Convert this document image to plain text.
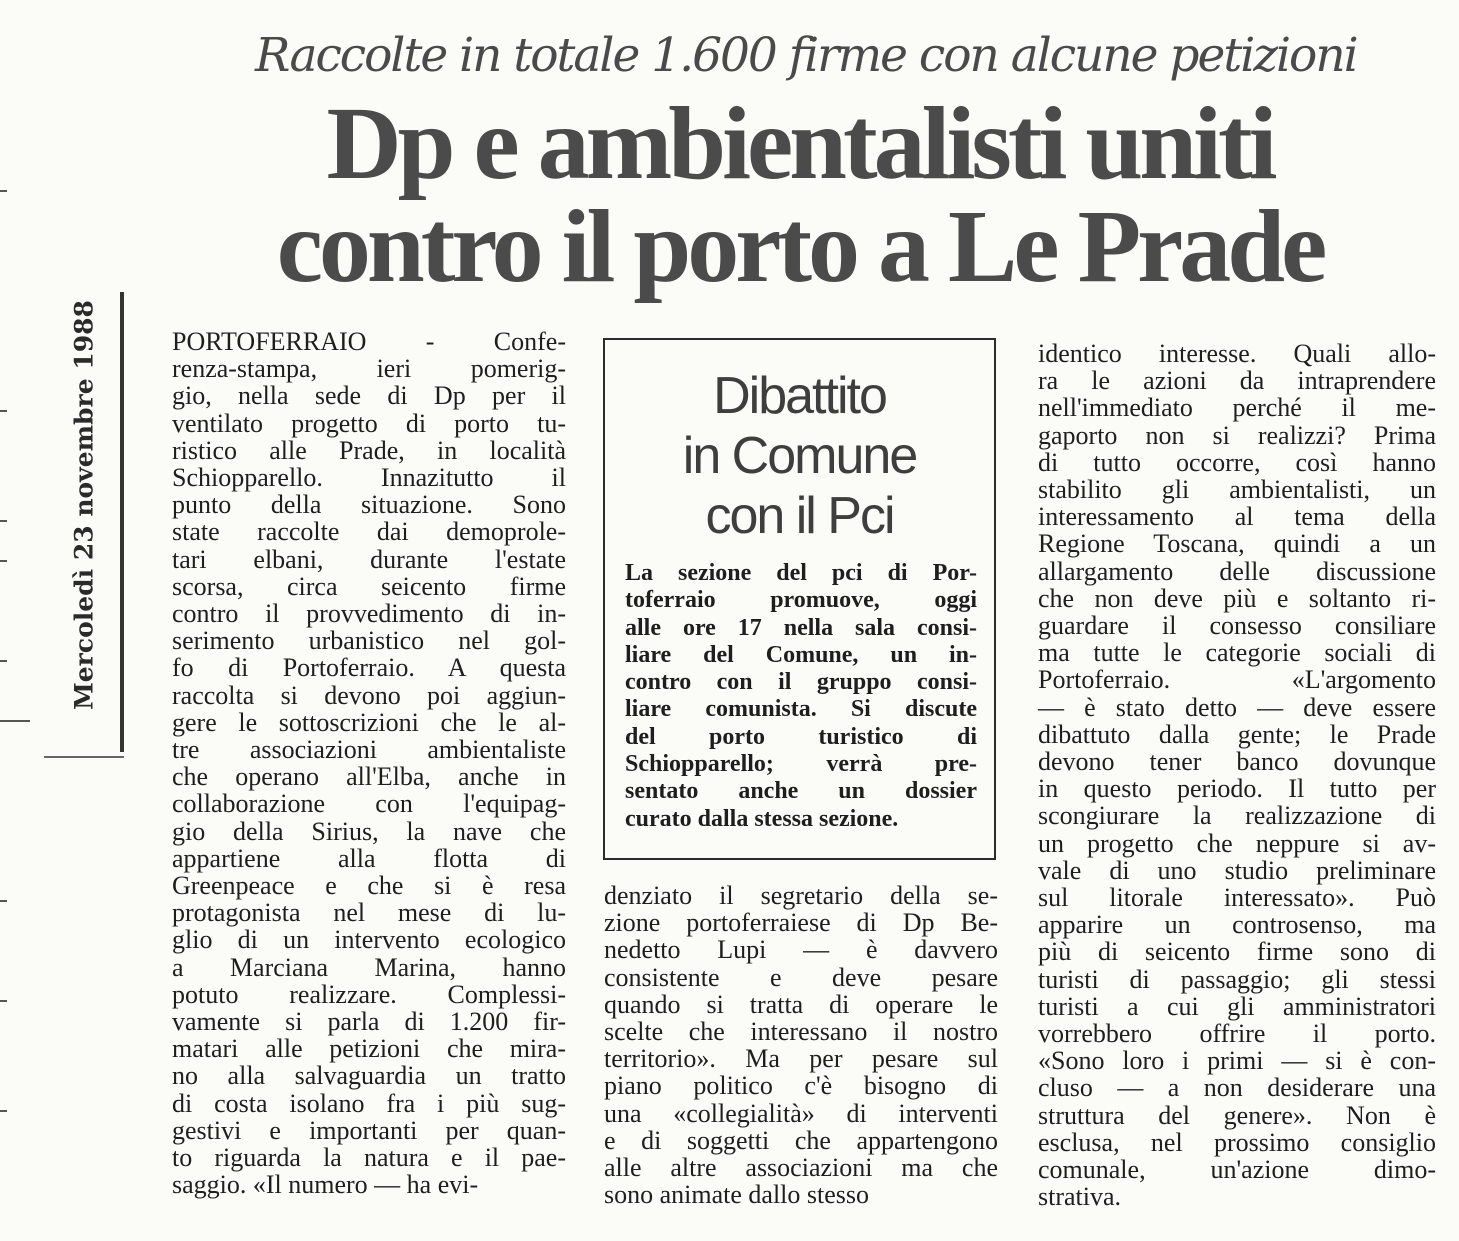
Raccolte in totale 1.600 firme con alcune petizioni
Dp e ambientalisti uniti
contro il porto a Le Prade
Mercoledì 23 novembre 1988	PORTOFERRAIO - Confe-
renza-stampa, ieri pomerig-
gio, nella sede di Dp per il
ventilato progetto di porto tu-
ristico alle Prade, in località
Schiopparello. Innazitutto il
punto della situazione. Sono
state raccolte dai demoprole-
tari elbani, durante l'estate
scorsa, circa seicento firme
contro il provvedimento di in-
serimento urbanistico nel gol-
fo di Portoferraio. A questa
raccolta si devono poi aggiun-
gere le sottoscrizioni che le al-
tre associazioni ambientaliste
che operano all'Elba, anche in
collaborazione con l'equipag-
gio della Sirius, la nave che
appartiene alla flotta di
Greenpeace e che si è resa
protagonista nel mese di lu-
glio di un intervento ecologico
a Marciana Marina, hanno
potuto realizzare. Complessi-
vamente si parla di 1.200 fir-
matari alle petizioni che mira-
no alla salvaguardia un tratto
di costa isolano fra i più sug-
gestivi e importanti per quan-
to riguarda la natura e il pae-
saggio. «Il numero — ha evi-
Dibattito
in Comune
con il Pci
La sezione del pci di Por-
toferraio promuove, oggi
alle ore 17 nella sala consi-
liare del Comune, un in-
contro con il gruppo consi-
liare comunista. Si discute
del porto turistico di
Schiopparello; verrà pre-
sentato anche un dossier
curato dalla stessa sezione.
denziato il segretario della se-
zione portoferraiese di Dp Be-
nedetto Lupi — è davvero
consistente e deve pesare
quando si tratta di operare le
scelte che interessano il nostro
territorio». Ma per pesare sul
piano politico c'è bisogno di
una «collegialità» di interventi
e di soggetti che appartengono
alle altre associazioni ma che
sono animate dallo stesso
identico interesse. Quali allo-
ra le azioni da intraprendere
nell'immediato perché il me-
gaporto non si realizzi? Prima
di tutto occorre, così hanno
stabilito gli ambientalisti, un
interessamento al tema della
Regione Toscana, quindi a un
allargamento delle discussione
che non deve più e soltanto ri-
guardare il consesso consiliare
ma tutte le categorie sociali di
Portoferraio. «L'argomento
— è stato detto — deve essere
dibattuto dalla gente; le Prade
devono tener banco dovunque
in questo periodo. Il tutto per
scongiurare la realizzazione di
un progetto che neppure si av-
vale di uno studio preliminare
sul litorale interessato». Può
apparire un controsenso, ma
più di seicento firme sono di
turisti di passaggio; gli stessi
turisti a cui gli amministratori
vorrebbero offrire il porto.
«Sono loro i primi — si è con-
cluso — a non desiderare una
struttura del genere». Non è
esclusa, nel prossimo consiglio
comunale, un'azione dimo-
strativa.
